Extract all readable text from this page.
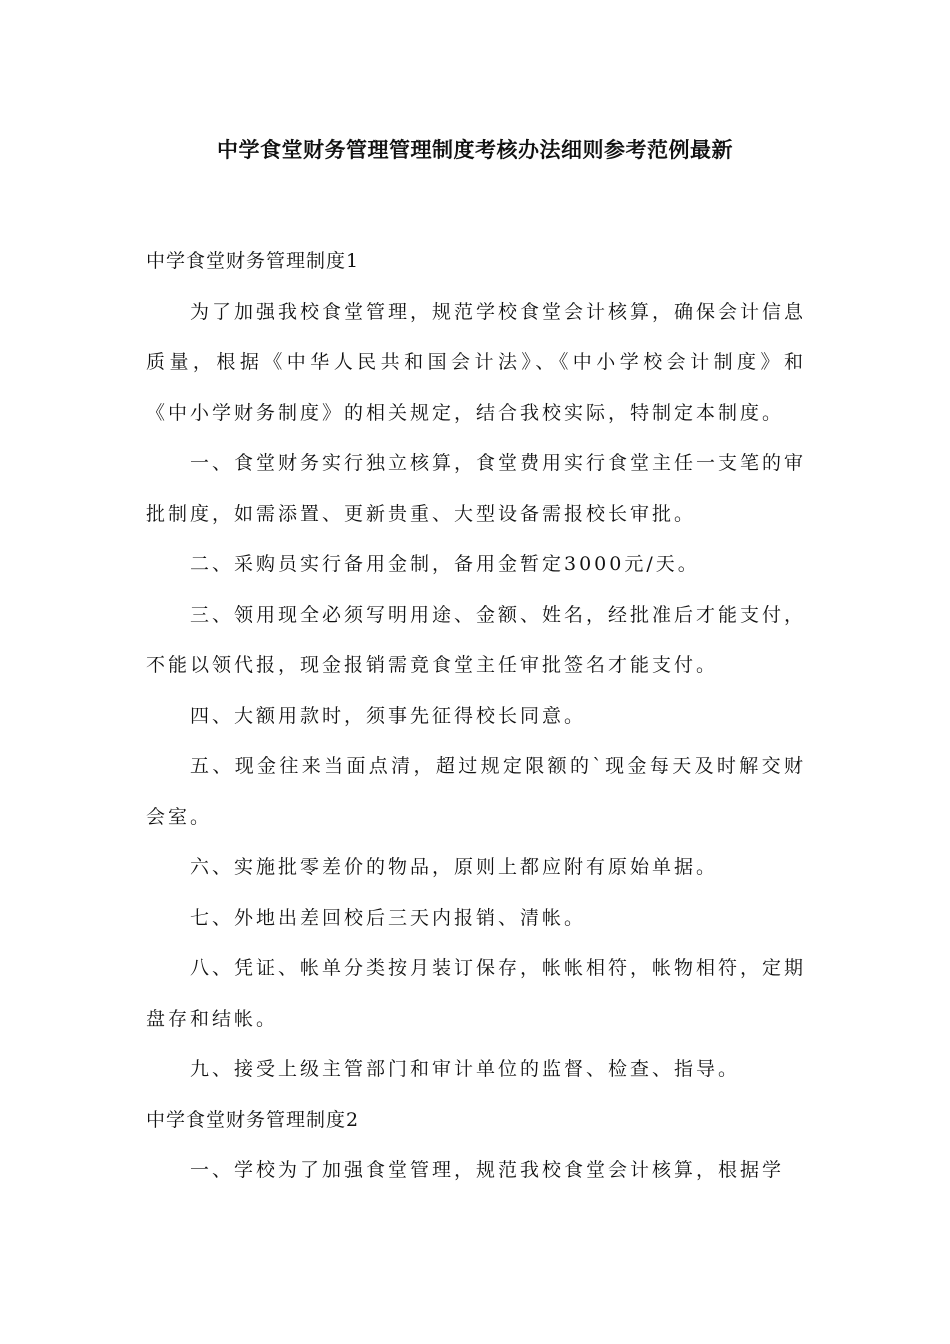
中学食堂财务管理管理制度考核办法细则参考范例最新

中学食堂财务管理制度1

为了加强我校食堂管理，规范学校食堂会计核算，确保会计信息质量，根据《中华人民共和国会计法》、《中小学校会计制度》和《中小学财务制度》的相关规定，结合我校实际，特制定本制度。

一、食堂财务实行独立核算，食堂费用实行食堂主任一支笔的审批制度，如需添置、更新贵重、大型设备需报校长审批。

二、采购员实行备用金制，备用金暂定3000元/天。

三、领用现全必须写明用途、金额、姓名，经批准后才能支付，不能以领代报，现金报销需竟食堂主任审批签名才能支付。

四、大额用款时，须事先征得校长同意。

五、现金往来当面点清，超过规定限额的`现金每天及时解交财会室。

六、实施批零差价的物品，原则上都应附有原始单据。

七、外地出差回校后三天内报销、清帐。

八、凭证、帐单分类按月装订保存，帐帐相符，帐物相符，定期盘存和结帐。

九、接受上级主管部门和审计单位的监督、检查、指导。

中学食堂财务管理制度2

一、学校为了加强食堂管理，规范我校食堂会计核算，根据学
